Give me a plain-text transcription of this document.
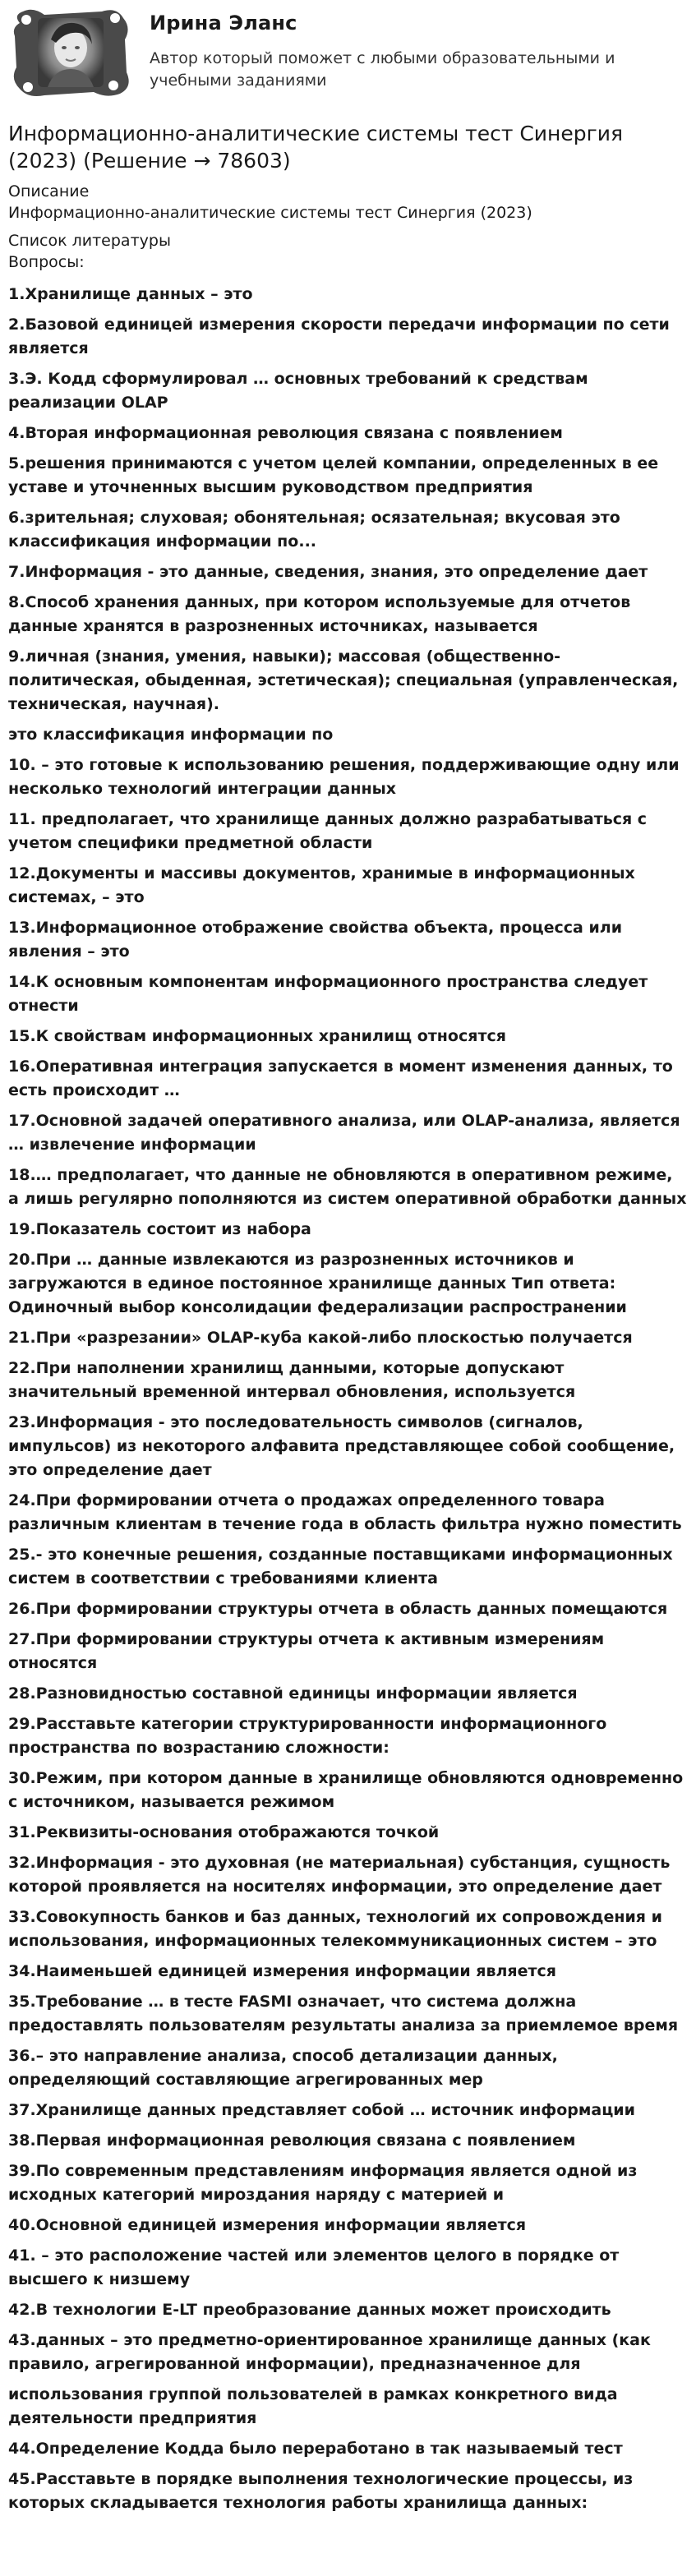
Ирина Эланс
Автор который поможет с любыми образовательными и учебными заданиями
Информационно-аналитические системы тест Синергия (2023) (Решение → 78603)
Описание
Информационно-аналитические системы тест Синергия (2023)
Список литературы
Вопросы:
1.Хранилище данных – это
2.Базовой единицей измерения скорости передачи информации по сети является
3.Э. Кодд сформулировал … основных требований к средствам реализации OLAP
4.Вторая информационная революция связана с появлением
5.решения принимаются с учетом целей компании, определенных в ее уставе и уточненных высшим руководством предприятия
6.зрительная; слуховая; обонятельная; осязательная; вкусовая это классификация информации по...
7.Информация - это данные, сведения, знания, это определение дает
8.Способ хранения данных, при котором используемые для отчетов данные хранятся в разрозненных источниках, называется
9.личная (знания, умения, навыки); массовая (общественно-политическая, обыденная, эстетическая); специальная (управленческая, техническая, научная).
это классификация информации по
10. – это готовые к использованию решения, поддерживающие одну или несколько технологий интеграции данных
11. предполагает, что хранилище данных должно разрабатываться с учетом специфики предметной области
12.Документы и массивы документов, хранимые в информационных системах, – это
13.Информационное отображение свойства объекта, процесса или явления – это
14.К основным компонентам информационного пространства следует отнести
15.К свойствам информационных хранилищ относятся
16.Оперативная интеграция запускается в момент изменения данных, то есть происходит …
17.Основной задачей оперативного анализа, или OLAP-анализа, является … извлечение информации
18.… предполагает, что данные не обновляются в оперативном режиме, а лишь регулярно пополняются из систем оперативной обработки данных
19.Показатель состоит из набора
20.При … данные извлекаются из разрозненных источников и загружаются в единое постоянное хранилище данных Тип ответа: Одиночный выбор консолидации федерализации распространении
21.При «разрезании» OLAP-куба какой-либо плоскостью получается
22.При наполнении хранилищ данными, которые допускают значительный временной интервал обновления, используется
23.Информация - это последовательность символов (сигналов, импульсов) из некоторого алфавита представляющее собой сообщение, это определение дает
24.При формировании отчета о продажах определенного товара различным клиентам в течение года в область фильтра нужно поместить
25.- это конечные решения, созданные поставщиками информационных систем в соответствии с требованиями клиента
26.При формировании структуры отчета в область данных помещаются
27.При формировании структуры отчета к активным измерениям относятся
28.Разновидностью составной единицы информации является
29.Расставьте категории структурированности информационного пространства по возрастанию сложности:
30.Режим, при котором данные в хранилище обновляются одновременно с источником, называется режимом
31.Реквизиты-основания отображаются точкой
32.Информация - это духовная (не материальная) субстанция, сущность которой проявляется на носителях информации, это определение дает
33.Совокупность банков и баз данных, технологий их сопровождения и использования, информационных телекоммуникационных систем – это
34.Наименьшей единицей измерения информации является
35.Требование … в тесте FASMI означает, что система должна предоставлять пользователям результаты анализа за приемлемое время
36.– это направление анализа, способ детализации данных, определяющий составляющие агрегированных мер
37.Хранилище данных представляет собой … источник информации
38.Первая информационная революция связана с появлением
39.По современным представлениям информация является одной из исходных категорий мироздания наряду с материей и
40.Основной единицей измерения информации является
41. – это расположение частей или элементов целого в порядке от высшего к низшему
42.В технологии E-LT преобразование данных может происходить
43.данных – это предметно-ориентированное хранилище данных (как правило, агрегированной информации), предназначенное для
использования группой пользователей в рамках конкретного вида деятельности предприятия
44.Определение Кодда было переработано в так называемый тест
45.Расставьте в порядке выполнения технологические процессы, из которых складывается технология работы хранилища данных:
